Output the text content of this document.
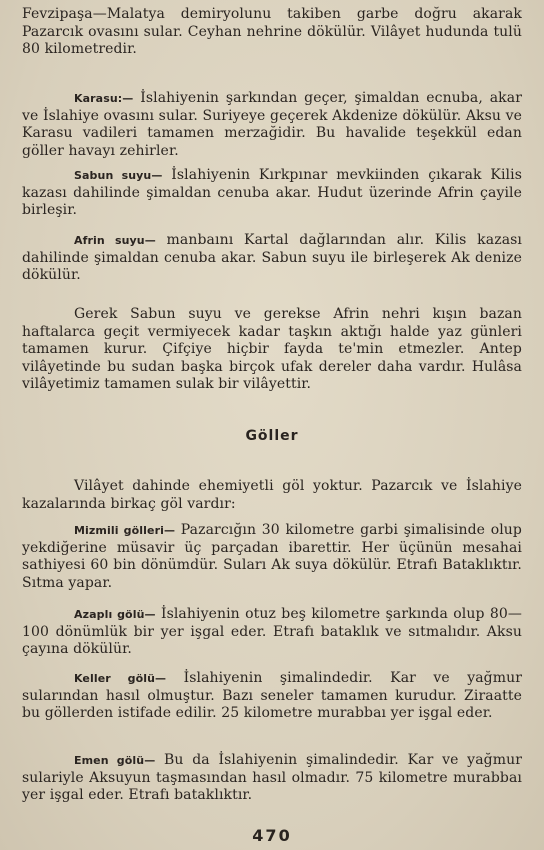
Fevzipaşa—Malatya demiryolunu takiben garbe doğru akarak Pazarcık ovasını sular. Ceyhan nehrine dökülür. Vilâyet hudunda tulü 80 kilometredir.

Karasu:— İslahiyenin şarkından geçer, şimaldan ecnuba, akar ve İslahiye ovasını sular. Suriyeye geçerek Akdenize dökülür. Aksu ve Karasu vadileri tamamen merzağidir. Bu havalide teşekkül edan göller havayı zehirler.

Sabun suyu— İslahiyenin Kırkpınar mevkiinden çıkarak Kilis kazası dahilinde şimaldan cenuba akar. Hudut üzerinde Afrin çayile birleşir.

Afrin suyu— manbaını Kartal dağlarından alır. Kilis kazası dahilinde şimaldan cenuba akar. Sabun suyu ile birleşerek Ak denize dökülür.

Gerek Sabun suyu ve gerekse Afrin nehri kışın bazan haftalarca geçit vermiyecek kadar taşkın aktığı halde yaz günleri tamamen kurur. Çifçiye hiçbir fayda te'min etmezler. Antep vilâyetinde bu sudan başka birçok ufak dereler daha vardır. Hulâsa vilâyetimiz tamamen sulak bir vilâyettir.

Göller

Vilâyet dahinde ehemiyetli göl yoktur. Pazarcık ve İslahiye kazalarında birkaç göl vardır:

Mizmili gölleri— Pazarcığın 30 kilometre garbi şimalisinde olup yekdiğerine müsavir üç parçadan ibarettir. Her üçünün mesahai sathiyesi 60 bin dönümdür. Suları Ak suya dökülür. Etrafı Bataklıktır. Sıtma yapar.

Azaplı gölü— İslahiyenin otuz beş kilometre şarkında olup 80—100 dönümlük bir yer işgal eder. Etrafı bataklık ve sıtmalıdır. Aksu çayına dökülür.

Keller gölü— İslahiyenin şimalindedir. Kar ve yağmur sularından hasıl olmuştur. Bazı seneler tamamen kurudur. Ziraatte bu göllerden istifade edilir. 25 kilometre murabbaı yer işgal eder.

Emen gölü— Bu da İslahiyenin şimalindedir. Kar ve yağmur sulariyle Aksuyun taşmasından hasıl olmadır. 75 kilometre murabbaı yer işgal eder. Etrafı bataklıktır.

470
